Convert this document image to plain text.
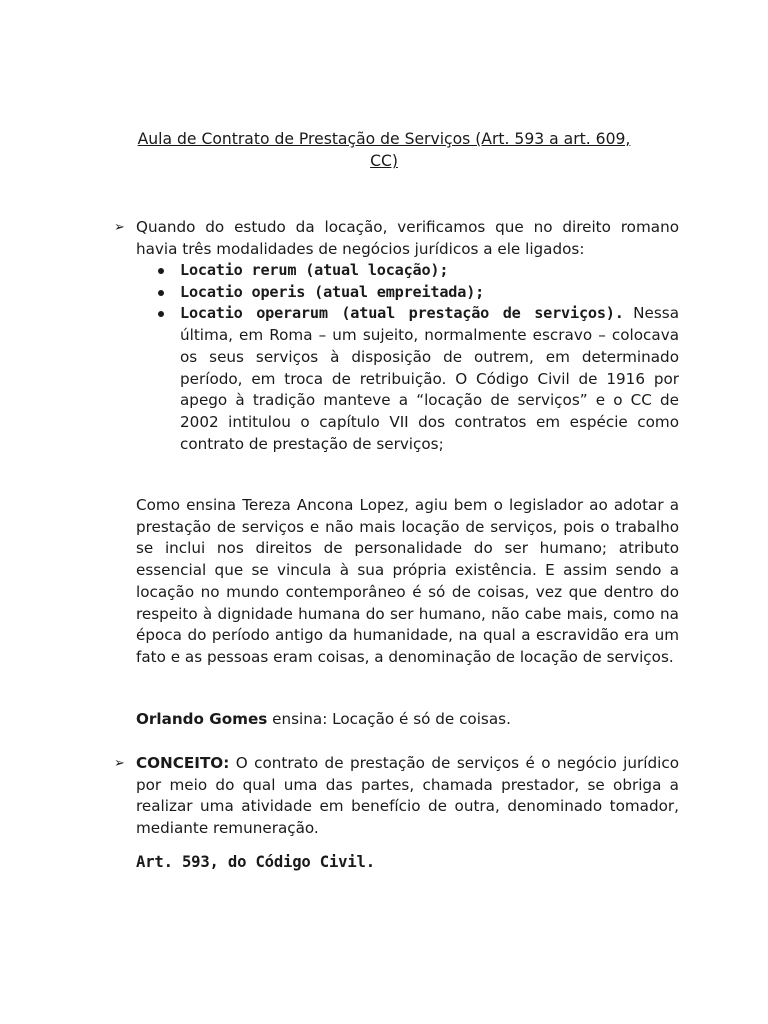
Aula de Contrato de Prestação de Serviços (Art. 593 a art. 609,
CC)
➢ Quando do estudo da locação, verificamos que no direito romano havia três modalidades de negócios jurídicos a ele ligados:

Locatio rerum (atual locação);
Locatio operis (atual empreitada);
Locatio operarum (atual prestação de serviços). Nessa última, em Roma – um sujeito, normalmente escravo – colocava os seus serviços à disposição de outrem, em determinado período, em troca de retribuição. O Código Civil de 1916 por apego à tradição manteve a “locação de serviços” e o CC de 2002 intitulou o capítulo VII dos contratos em espécie como contrato de prestação de serviços;

Como ensina Tereza Ancona Lopez, agiu bem o legislador ao adotar a prestação de serviços e não mais locação de serviços, pois o trabalho se inclui nos direitos de personalidade do ser humano; atributo essencial que se vincula à sua própria existência. E assim sendo a locação no mundo contemporâneo é só de coisas, vez que dentro do respeito à dignidade humana do ser humano, não cabe mais, como na época do período antigo da humanidade, na qual a escravidão era um fato e as pessoas eram coisas, a denominação de locação de serviços.

Orlando Gomes ensina: Locação é só de coisas.

➢ CONCEITO: O contrato de prestação de serviços é o negócio jurídico por meio do qual uma das partes, chamada prestador, se obriga a realizar uma atividade em benefício de outra, denominado tomador, mediante remuneração.

Art. 593, do Código Civil.
